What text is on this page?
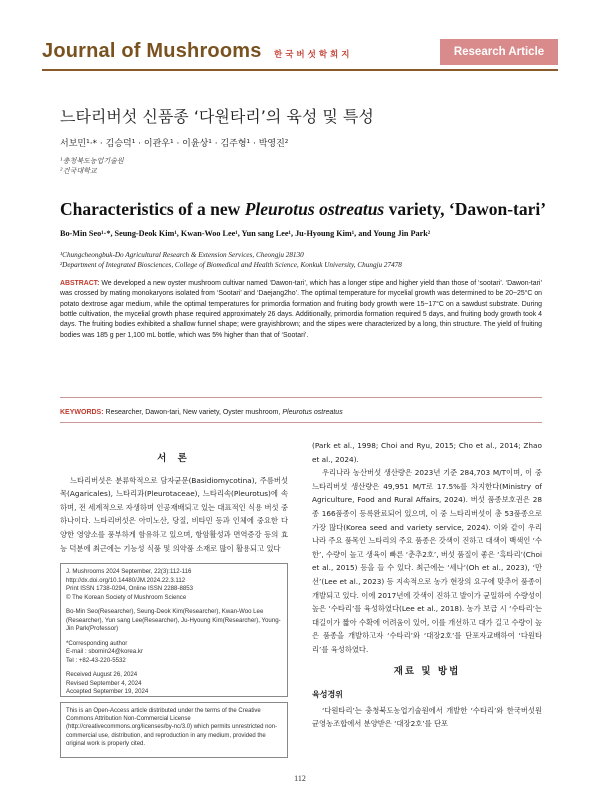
Journal of Mushrooms 한국버섯학회지	Research Article
느타리버섯 신품종 ‘다원타리’의 육성 및 특성
서보민¹·* · 김승덕¹ · 이관우¹ · 이윤상¹ · 김주형¹ · 박영진²
¹충청북도농업기술원
²건국대학교
Characteristics of a new Pleurotus ostreatus variety, ‘Dawon-tari’
Bo-Min Seo¹·*, Seung-Deok Kim¹, Kwan-Woo Lee¹, Yun sang Lee¹, Ju-Hyoung Kim¹, and Young Jin Park²
¹Chungcheongbuk-Do Agricultural Research & Extension Services, Cheongju 28130
²Department of Integrated Biosciences, College of Biomedical and Health Science, Konkuk University, Chungju 27478
ABSTRACT: We developed a new oyster mushroom cultivar named ‘Dawon-tari’, which has a longer stipe and higher yield than those of ‘sootari’. ‘Dawon-tari’ was crossed by mating monokaryons isolated from ‘Sootari’ and ‘Daejang2ho’. The optimal temperature for mycelial growth was determined to be 20~25°C on potato dextrose agar medium, while the optimal temperatures for primordia formation and fruiting body growth were 15~17°C on a sawdust substrate. During bottle cultivation, the mycelial growth phase required approximately 26 days. Additionally, primordia formation required 5 days, and fruiting body growth took 4 days. The fruiting bodies exhibited a shallow funnel shape; were grayishbrown; and the stipes were characterized by a long, thin structure. The yield of fruiting bodies was 185 g per 1,100 mL bottle, which was 5% higher than that of ‘Sootari’.
KEYWORDS: Researcher, Dawon-tari, New variety, Oyster mushroom, Pleurotus ostreatus
서 론

느타리버섯은 분류학적으로 담자균문(Basidiomycotina), 주름버섯목(Agaricales), 느타리과(Pleurotaceae), 느타리속(Pleurotus)에 속하며, 전 세계적으로 자생하며 인공재배되고 있는 대표적인 식용 버섯 중 하나이다. 느타리버섯은 아미노산, 당질, 비타민 등과 인체에 중요한 다양한 영양소를 풍부하게 함유하고 있으며, 항암활성과 면역증강 등의 효능 덕분에 최근에는 기능성 식품 및 의약품 소재로 많이 활용되고 있다

J. Mushrooms 2024 September, 22(3):112-116
http://dx.doi.org/10.14480/JM.2024.22.3.112
Print ISSN 1738-0294, Online ISSN 2288-8853
© The Korean Society of Mushroom Science
Bo-Min Seo(Researcher), Seung-Deok Kim(Researcher), Kwan-Woo Lee (Researcher), Yun sang Lee(Researcher), Ju-Hyoung Kim(Researcher), Young-Jin Park(Professor)
*Corresponding author
E-mail : sbomin24@korea.kr
Tel : +82-43-220-5532
Received August 26, 2024
Revised September 4, 2024
Accepted September 19, 2024
This is an Open-Access article distributed under the terms of the Creative Commons Attribution Non-Commercial License (http://creativecommons.org/licenses/by-nc/3.0) which permits unrestricted non-commercial use, distribution, and reproduction in any medium, provided the original work is properly cited.

(Park et al., 1998; Choi and Ryu, 2015; Cho et al., 2014; Zhao et al., 2024).

우리나라 농산버섯 생산량은 2023년 기준 284,703 M/T이며, 이 중 느타리버섯 생산량은 49,951 M/T로 17.5%를 차지한다(Ministry of Agriculture, Food and Rural Affairs, 2024). 버섯 품종보호권은 28종 166품종이 등록완료되어 있으며, 이 중 느타리버섯이 총 53품종으로 가장 많다(Korea seed and variety service, 2024). 이와 같이 우리나라 주요 품목인 느타리의 주요 품종은 갓색이 진하고 대색이 백색인 ‘수한’, 수량이 높고 생육이 빠른 ‘춘추2호’, 버섯 품질이 좋은 ‘흑타리’(Choi et al., 2015) 등을 들 수 있다. 최근에는 ‘세나’(Oh et al., 2023), ‘만선’(Lee et al., 2023) 등 지속적으로 농가 현장의 요구에 맞추어 품종이 개발되고 있다. 이에 2017년에 갓색이 진하고 발이가 균일하여 수량성이 높은 ‘수타리’를 육성하였다(Lee et al., 2018). 농가 보급 시 ‘수타리’는 대길이가 짧아 수확에 어려움이 있어, 이를 개선하고 대가 길고 수량이 높은 품종을 개발하고자 ‘수타리’와 ‘대장2호’를 단포자교배하여 ‘다원타리’를 육성하였다.

재료 및 방법
육성경위

‘다원타리’는 충청북도농업기술원에서 개발한 ‘수타리’와 한국버섯원균영농조합에서 분양받은 ‘대장2호’를 단포

112
